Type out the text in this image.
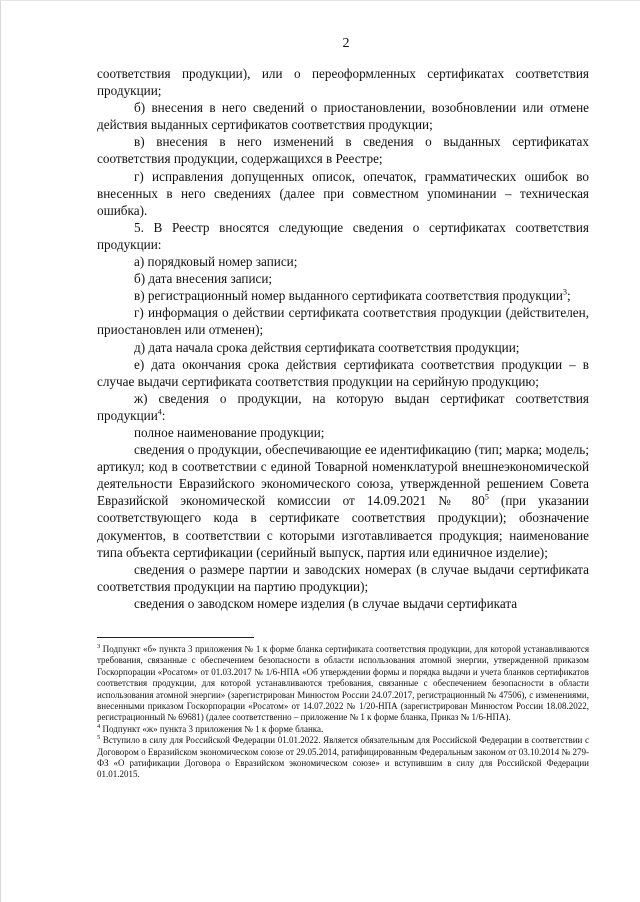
2

соответствия продукции), или о переоформленных сертификатах соответствия продукции;

б) внесения в него сведений о приостановлении, возобновлении или отмене действия выданных сертификатов соответствия продукции;

в) внесения в него изменений в сведения о выданных сертификатах соответствия продукции, содержащихся в Реестре;

г) исправления допущенных описок, опечаток, грамматических ошибок во внесенных в него сведениях (далее при совместном упоминании – техническая ошибка).

5. В Реестр вносятся следующие сведения о сертификатах соответствия продукции:

а) порядковый номер записи;

б) дата внесения записи;

в) регистрационный номер выданного сертификата соответствия продукции$^3$;

г) информация о действии сертификата соответствия продукции (действителен, приостановлен или отменен);

д) дата начала срока действия сертификата соответствия продукции;

е) дата окончания срока действия сертификата соответствия продукции – в случае выдачи сертификата соответствия продукции на серийную продукцию;

ж) сведения о продукции, на которую выдан сертификат соответствия продукции$^4$:

полное наименование продукции;

сведения о продукции, обеспечивающие ее идентификацию (тип; марка; модель; артикул; код в соответствии с единой Товарной номенклатурой внешнеэкономической деятельности Евразийского экономического союза, утвержденной решением Совета Евразийской экономической комиссии от 14.09.2021 № $80^5$ (при указании соответствующего кода в сертификате соответствия продукции); обозначение документов, в соответствии с которыми изготавливается продукция; наименование типа объекта сертификации (серийный выпуск, партия или единичное изделие);

сведения о размере партии и заводских номерах (в случае выдачи сертификата соответствия продукции на партию продукции);

сведения о заводском номере изделия (в случае выдачи сертификата

$^3$ Подпункт «б» пункта 3 приложения № 1 к форме бланка сертификата соответствия продукции, для которой устанавливаются требования, связанные с обеспечением безопасности в области использования атомной энергии, утвержденной приказом Госкорпорации «Росатом» от 01.03.2017 № 1/6-НПА «Об утверждении формы и порядка выдачи и учета бланков сертификатов соответствия продукции, для которой устанавливаются требования, связанные с обеспечением безопасности в области использования атомной энергии» (зарегистрирован Минюстом России 24.07.2017, регистрационный № 47506), с изменениями, внесенными приказом Госкорпорации «Росатом» от 14.07.2022 № 1/20-НПА (зарегистрирован Минюстом России 18.08.2022, регистрационный № 69681) (далее соответственно – приложение № 1 к форме бланка, Приказ № 1/6-НПА).

$^4$ Подпункт «ж» пункта 3 приложения № 1 к форме бланка.

$^5$ Вступило в силу для Российской Федерации 01.01.2022. Является обязательным для Российской Федерации в соответствии с Договором о Евразийском экономическом союзе от 29.05.2014, ратифицированным Федеральным законом от 03.10.2014 № 279-ФЗ «О ратификации Договора о Евразийском экономическом союзе» и вступившим в силу для Российской Федерации 01.01.2015.
